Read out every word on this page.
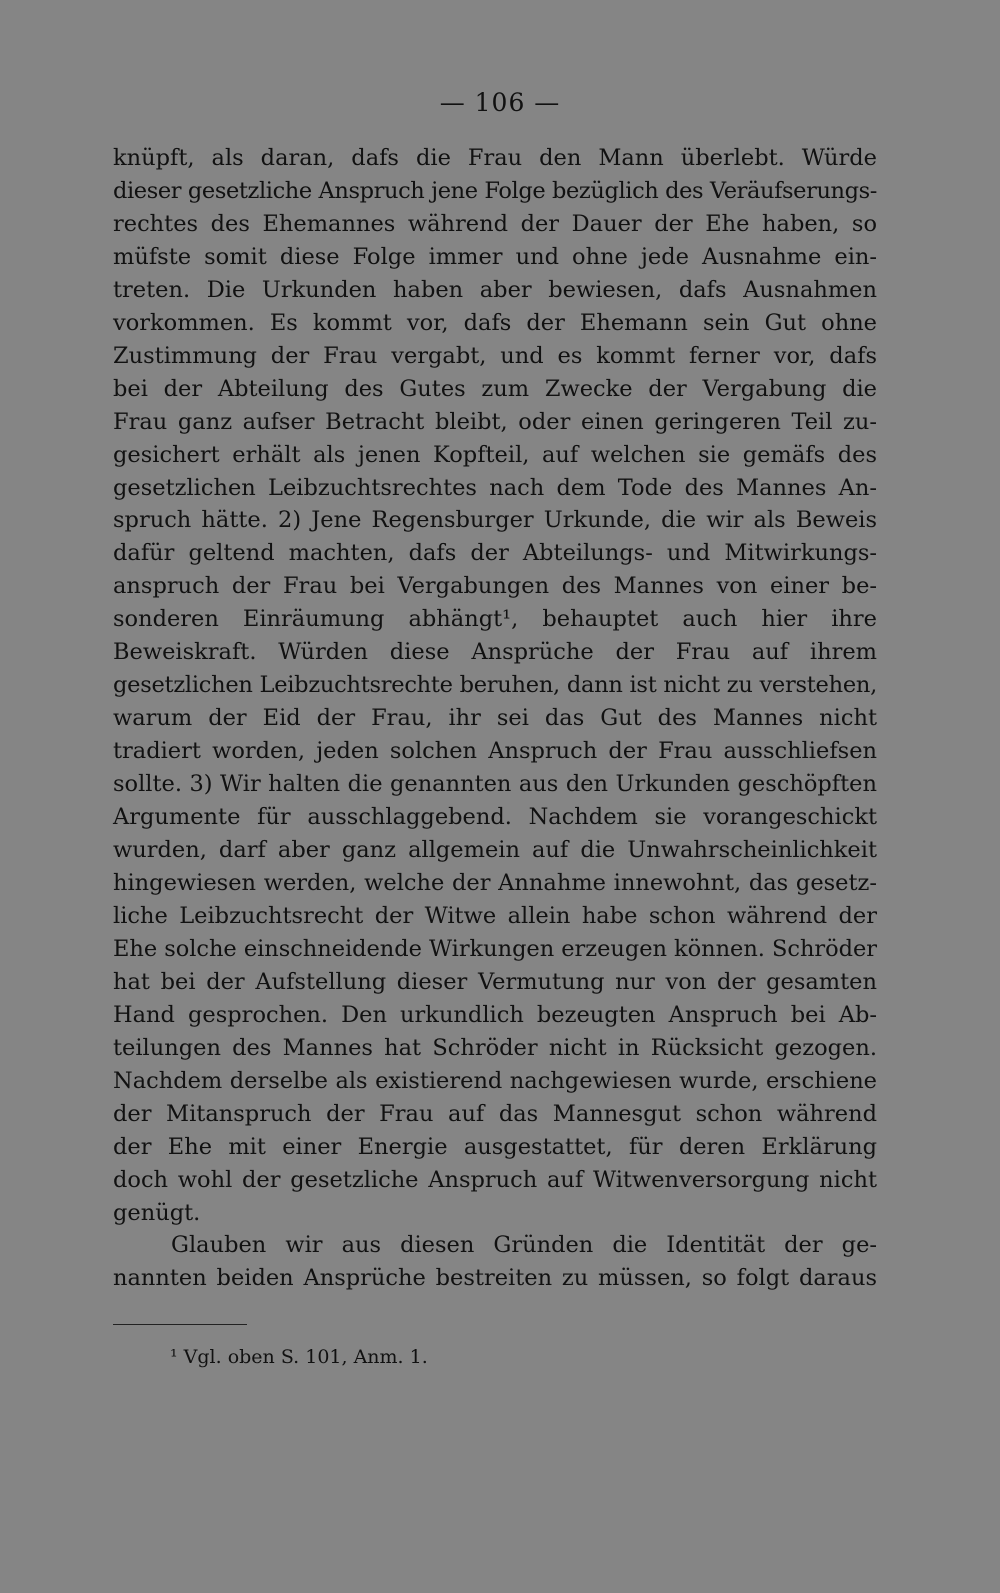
— 106 —
knüpft, als daran, dafs die Frau den Mann überlebt. Würde
dieser gesetzliche Anspruch jene Folge bezüglich des Veräufserungs-
rechtes des Ehemannes während der Dauer der Ehe haben, so
müfste somit diese Folge immer und ohne jede Ausnahme ein-
treten. Die Urkunden haben aber bewiesen, dafs Ausnahmen
vorkommen. Es kommt vor, dafs der Ehemann sein Gut ohne
Zustimmung der Frau vergabt, und es kommt ferner vor, dafs
bei der Abteilung des Gutes zum Zwecke der Vergabung die
Frau ganz aufser Betracht bleibt, oder einen geringeren Teil zu-
gesichert erhält als jenen Kopfteil, auf welchen sie gemäfs des
gesetzlichen Leibzuchtsrechtes nach dem Tode des Mannes An-
spruch hätte. 2) Jene Regensburger Urkunde, die wir als Beweis
dafür geltend machten, dafs der Abteilungs- und Mitwirkungs-
anspruch der Frau bei Vergabungen des Mannes von einer be-
sonderen Einräumung abhängt¹, behauptet auch hier ihre
Beweiskraft. Würden diese Ansprüche der Frau auf ihrem
gesetzlichen Leibzuchtsrechte beruhen, dann ist nicht zu verstehen,
warum der Eid der Frau, ihr sei das Gut des Mannes nicht
tradiert worden, jeden solchen Anspruch der Frau ausschliefsen
sollte. 3) Wir halten die genannten aus den Urkunden geschöpften
Argumente für ausschlaggebend. Nachdem sie vorangeschickt
wurden, darf aber ganz allgemein auf die Unwahrscheinlichkeit
hingewiesen werden, welche der Annahme innewohnt, das gesetz-
liche Leibzuchtsrecht der Witwe allein habe schon während der
Ehe solche einschneidende Wirkungen erzeugen können. Schröder
hat bei der Aufstellung dieser Vermutung nur von der gesamten
Hand gesprochen. Den urkundlich bezeugten Anspruch bei Ab-
teilungen des Mannes hat Schröder nicht in Rücksicht gezogen.
Nachdem derselbe als existierend nachgewiesen wurde, erschiene
der Mitanspruch der Frau auf das Mannesgut schon während
der Ehe mit einer Energie ausgestattet, für deren Erklärung
doch wohl der gesetzliche Anspruch auf Witwenversorgung nicht
genügt.
Glauben wir aus diesen Gründen die Identität der ge-
nannten beiden Ansprüche bestreiten zu müssen, so folgt daraus
¹ Vgl. oben S. 101, Anm. 1.
